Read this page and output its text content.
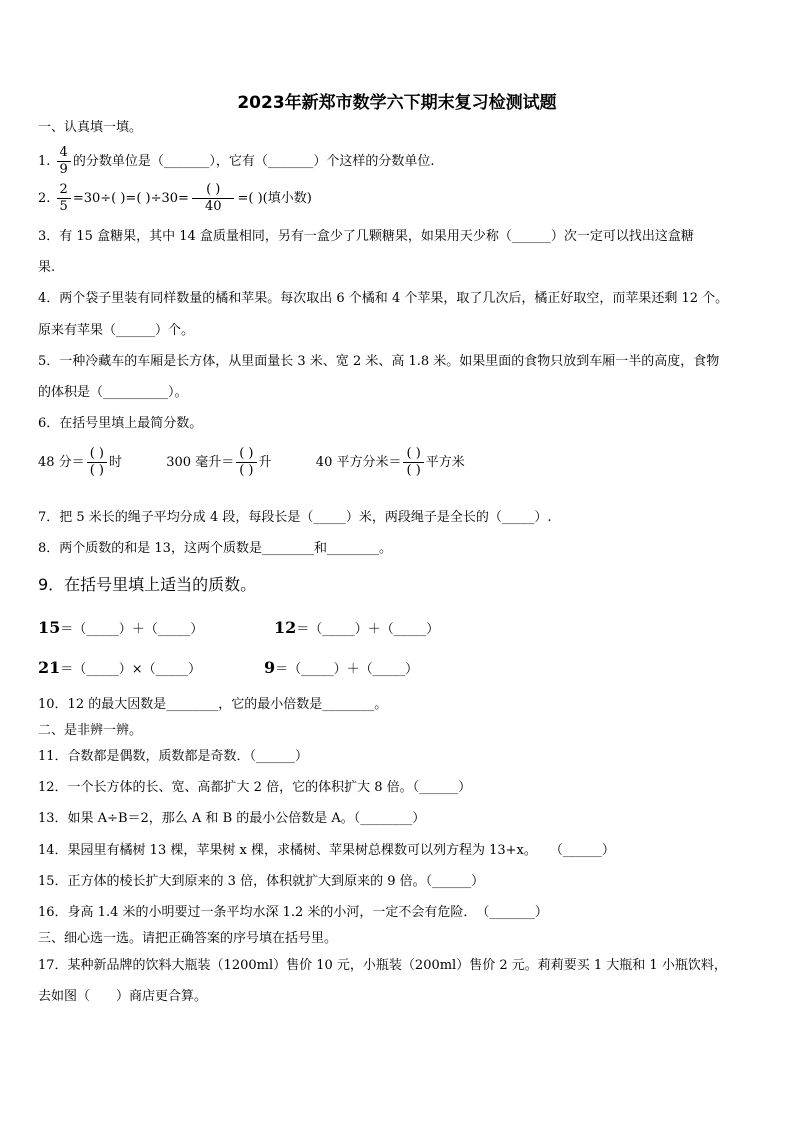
2023年新郑市数学六下期末复习检测试题
一、认真填一填。
1. $\frac{4}{9}$ 的分数单位是（_______），它有（_______）个这样的分数单位.
2. $\frac{2}{5} =30\div$( )=( )$\div 30= \frac{( )}{40}$ =( )(填小数)
3．有 15 盒糖果，其中 14 盒质量相同，另有一盒少了几颗糖果，如果用天少称（______）次一定可以找出这盒糖
果.
4．两个袋子里装有同样数量的橘和苹果。每次取出 6 个橘和 4 个苹果，取了几次后，橘正好取空，而苹果还剩 12 个。
原来有苹果（______）个。
5．一种冷藏车的车厢是长方体，从里面量长 3 米、宽 2 米、高 1.8 米。如果里面的食物只放到车厢一半的高度，食物
的体积是（__________）。
6．在括号里填上最简分数。
48 分＝ $\frac{( )}{( )}$ 时	300 毫升＝ $\frac{( )}{( )}$ 升	40 平方分米＝ $\frac{( )}{( )}$ 平方米
7．把 5 米长的绳子平均分成 4 段，每段长是（_____）米，两段绳子是全长的（_____）.
8．两个质数的和是 13，这两个质数是________和________。
9．在括号里填上适当的质数。
15＝（_____）＋（_____）	12＝（_____）＋（_____）
21＝（_____）×（_____）	9＝（_____）＋（_____）
10．12 的最大因数是________，它的最小倍数是________。
二、是非辨一辨。
11．合数都是偶数，质数都是奇数．（______）
12．一个长方体的长、宽、高都扩大 2 倍，它的体积扩大 8 倍。（______）
13．如果 A÷B＝2，那么 A 和 B 的最小公倍数是 A。（________）
14．果园里有橘树 13 棵，苹果树 x 棵，求橘树、苹果树总棵数可以列方程为 13+x。　　（______）
15．正方体的棱长扩大到原来的 3 倍，体积就扩大到原来的 9 倍。（______）
16．身高 1.4 米的小明要过一条平均水深 1.2 米的小河，一定不会有危险．　（_______）
三、细心选一选。请把正确答案的序号填在括号里。
17．某种新品牌的饮料大瓶装（1200ml）售价 10 元，小瓶装（200ml）售价 2 元。莉莉要买 1 大瓶和 1 小瓶饮料，
去如图（　　）商店更合算。
